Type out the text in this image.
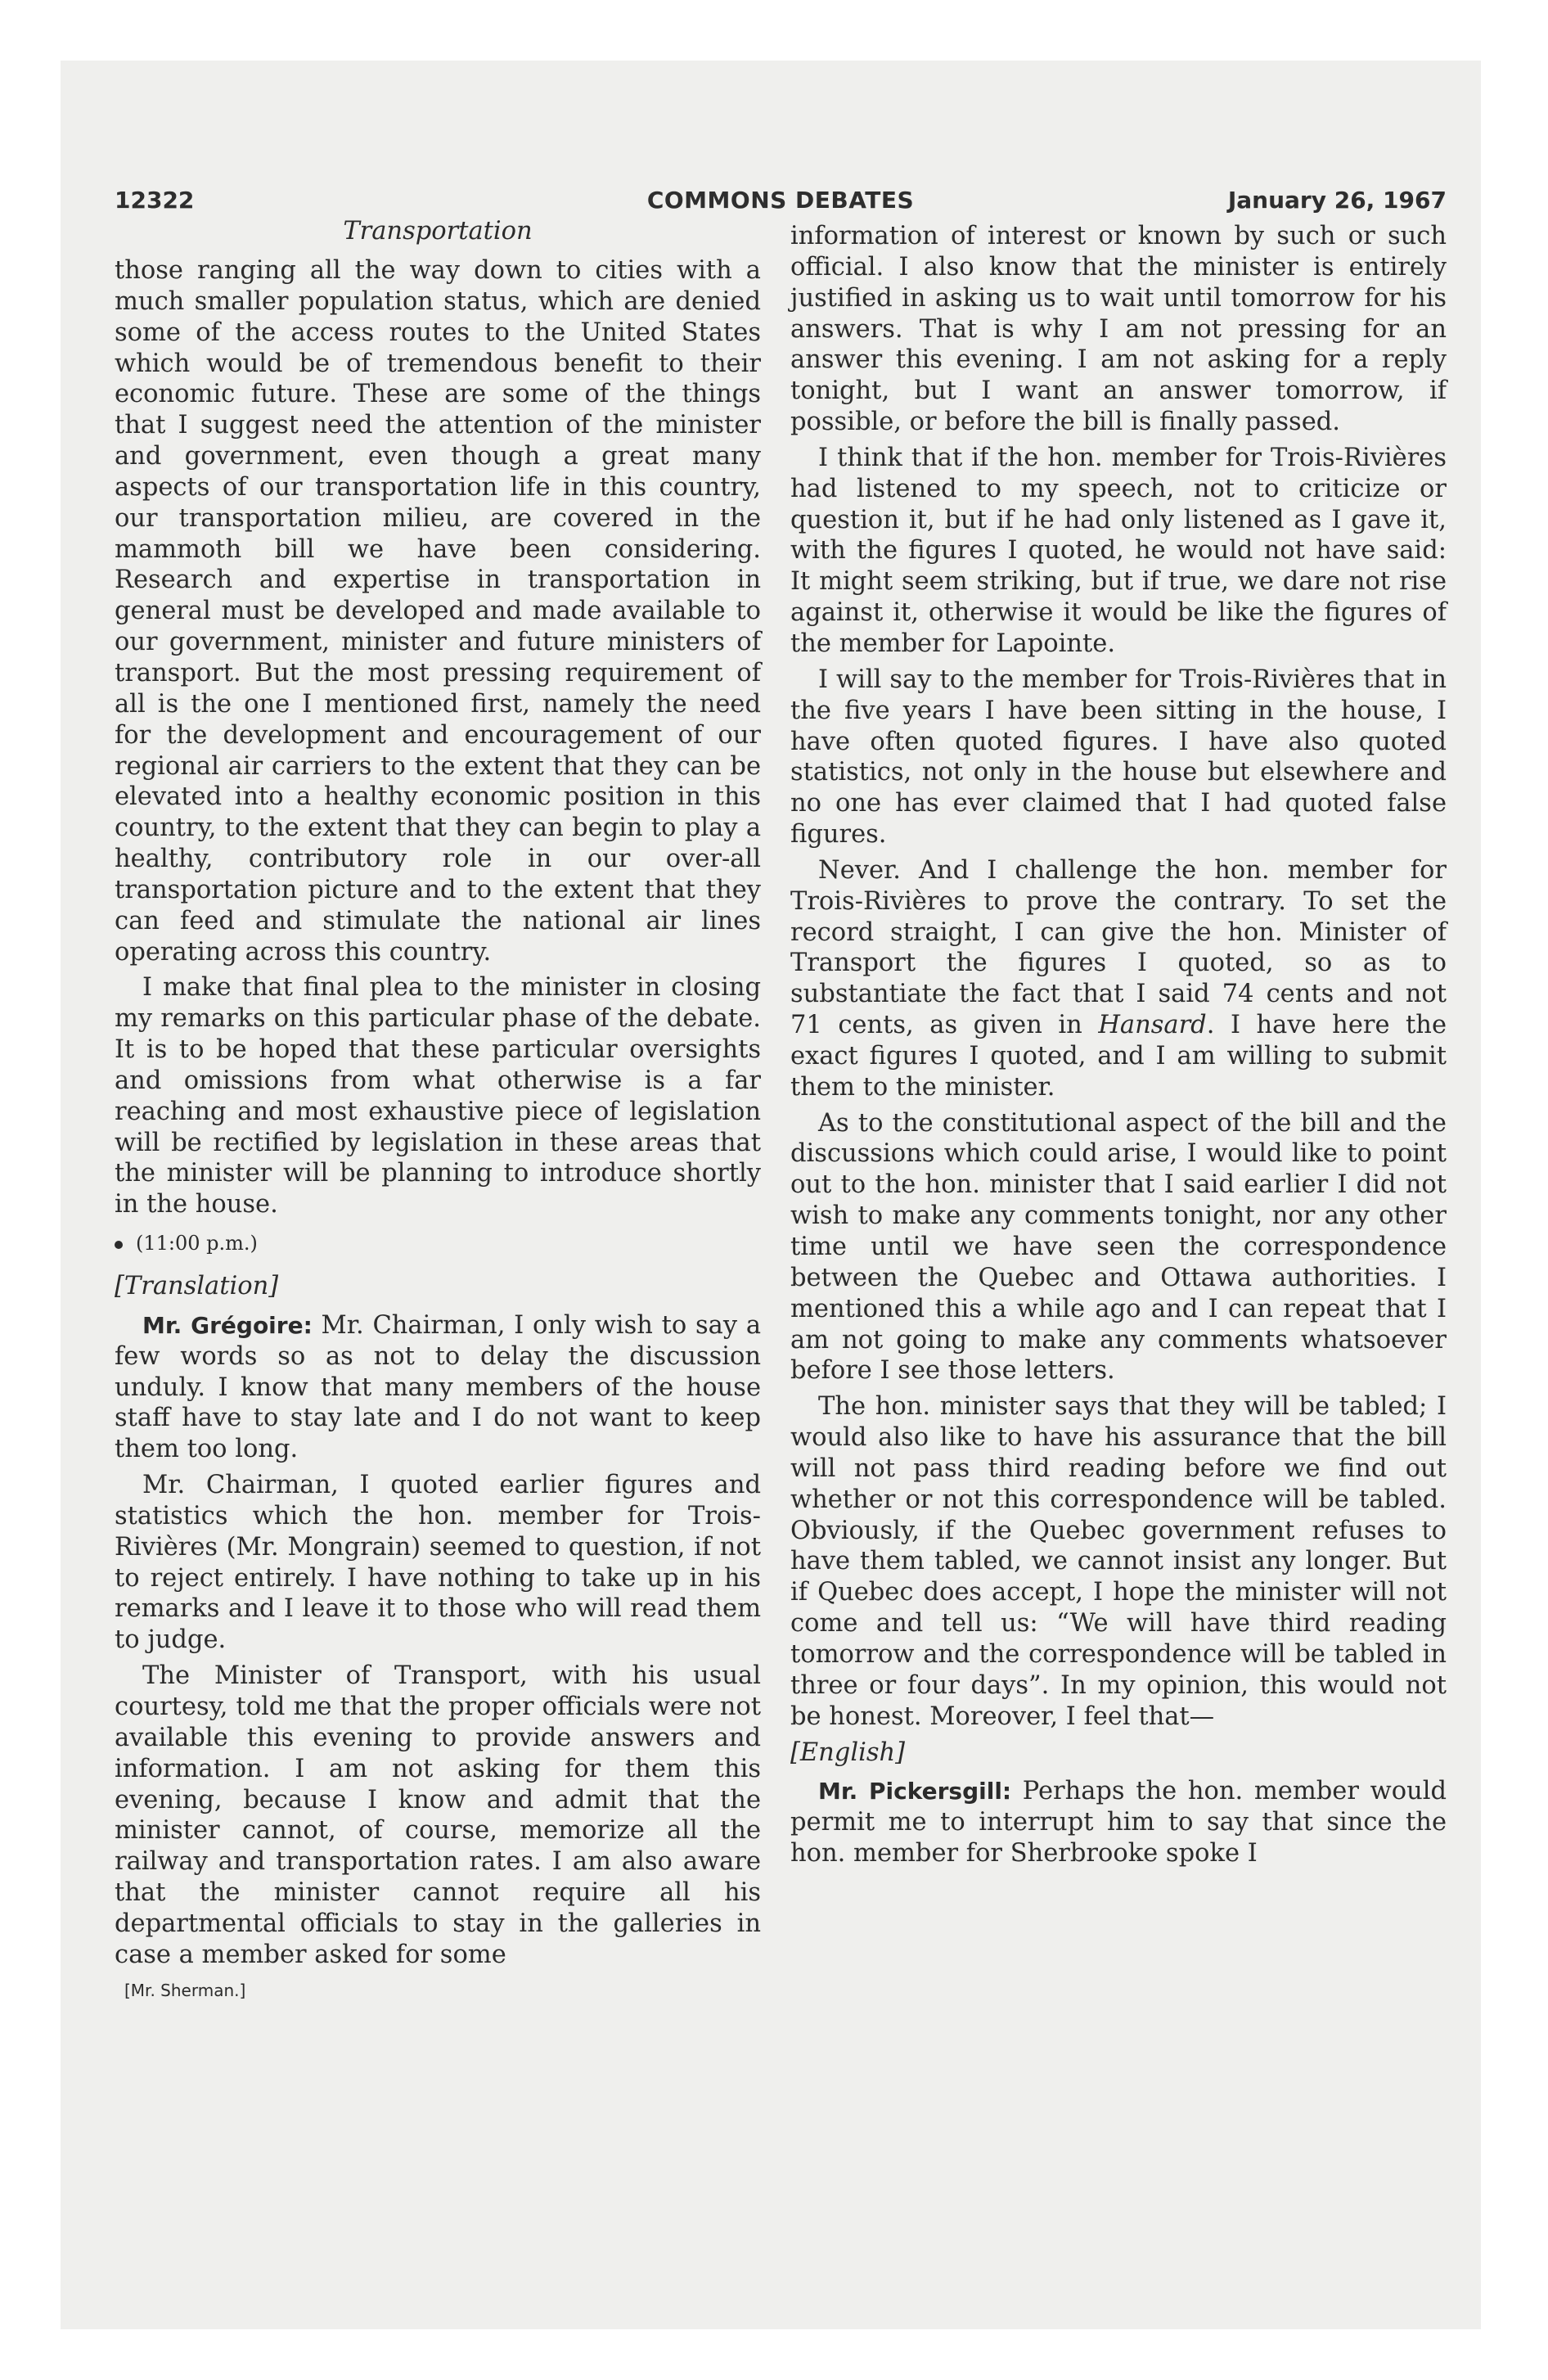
12322	COMMONS DEBATES	January 26, 1967

Transportation

those ranging all the way down to cities with a much smaller population status, which are denied some of the access routes to the United States which would be of tremendous benefit to their economic future. These are some of the things that I suggest need the attention of the minister and government, even though a great many aspects of our transportation life in this country, our transportation milieu, are covered in the mammoth bill we have been considering. Research and expertise in transportation in general must be developed and made available to our government, minister and future ministers of transport. But the most pressing requirement of all is the one I mentioned first, namely the need for the development and encouragement of our regional air carriers to the extent that they can be elevated into a healthy economic position in this country, to the extent that they can begin to play a healthy, contributory role in our over-all transportation picture and to the extent that they can feed and stimulate the national air lines operating across this country.

I make that final plea to the minister in closing my remarks on this particular phase of the debate. It is to be hoped that these particular oversights and omissions from what otherwise is a far reaching and most exhaustive piece of legislation will be rectified by legislation in these areas that the minister will be planning to introduce shortly in the house.

(11:00 p.m.)

[Translation]

Mr. Grégoire: Mr. Chairman, I only wish to say a few words so as not to delay the discussion unduly. I know that many members of the house staff have to stay late and I do not want to keep them too long.

Mr. Chairman, I quoted earlier figures and statistics which the hon. member for Trois-Rivières (Mr. Mongrain) seemed to question, if not to reject entirely. I have nothing to take up in his remarks and I leave it to those who will read them to judge.

The Minister of Transport, with his usual courtesy, told me that the proper officials were not available this evening to provide answers and information. I am not asking for them this evening, because I know and admit that the minister cannot, of course, memorize all the railway and transportation rates. I am also aware that the minister cannot require all his departmental officials to stay in the galleries in case a member asked for some

[Mr. Sherman.]

information of interest or known by such or such official. I also know that the minister is entirely justified in asking us to wait until tomorrow for his answers. That is why I am not pressing for an answer this evening. I am not asking for a reply tonight, but I want an answer tomorrow, if possible, or before the bill is finally passed.

I think that if the hon. member for Trois-Rivières had listened to my speech, not to criticize or question it, but if he had only listened as I gave it, with the figures I quoted, he would not have said: It might seem striking, but if true, we dare not rise against it, otherwise it would be like the figures of the member for Lapointe.

I will say to the member for Trois-Rivières that in the five years I have been sitting in the house, I have often quoted figures. I have also quoted statistics, not only in the house but elsewhere and no one has ever claimed that I had quoted false figures.

Never. And I challenge the hon. member for Trois-Rivières to prove the contrary. To set the record straight, I can give the hon. Minister of Transport the figures I quoted, so as to substantiate the fact that I said 74 cents and not 71 cents, as given in Hansard. I have here the exact figures I quoted, and I am willing to submit them to the minister.

As to the constitutional aspect of the bill and the discussions which could arise, I would like to point out to the hon. minister that I said earlier I did not wish to make any comments tonight, nor any other time until we have seen the correspondence between the Quebec and Ottawa authorities. I mentioned this a while ago and I can repeat that I am not going to make any comments whatsoever before I see those letters.

The hon. minister says that they will be tabled; I would also like to have his assurance that the bill will not pass third reading before we find out whether or not this correspondence will be tabled. Obviously, if the Quebec government refuses to have them tabled, we cannot insist any longer. But if Quebec does accept, I hope the minister will not come and tell us: “We will have third reading tomorrow and the correspondence will be tabled in three or four days”. In my opinion, this would not be honest. Moreover, I feel that—

[English]

Mr. Pickersgill: Perhaps the hon. member would permit me to interrupt him to say that since the hon. member for Sherbrooke spoke I
